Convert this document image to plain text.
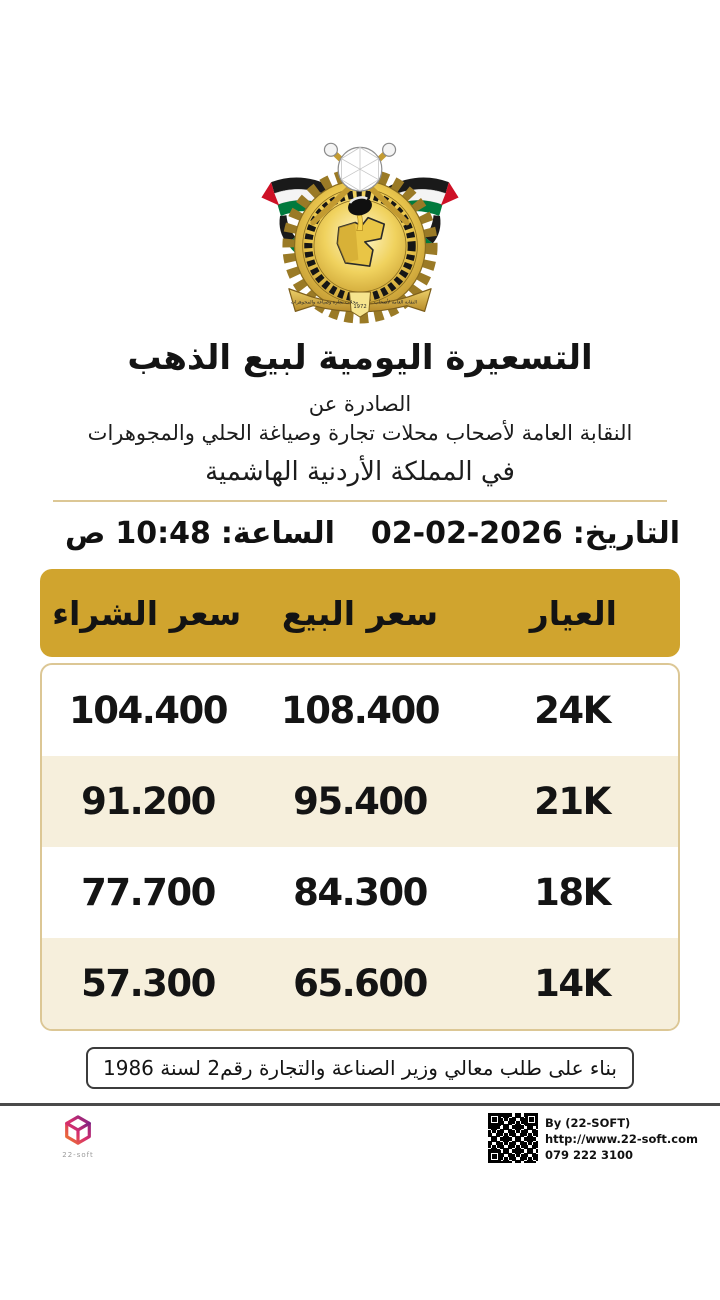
النقابة العامة لأصحاب
محلات تجارة وصياغة والمجوهرات
1972
التسعيرة اليومية لبيع الذهب
الصادرة عن
النقابة العامة لأصحاب محلات تجارة وصياغة الحلي والمجوهرات
في المملكة الأردنية الهاشمية
التاريخ:
02-02-2026
الساعة:
10:48
ص
سعر الشراء	سعر البيع	العيار
104.400	108.400	24K
91.200	95.400	21K
77.700	84.300	18K
57.300	65.600	14K
بناء على طلب معالي وزير الصناعة والتجارة رقم2 لسنة 1986
22-soft
By (22-SOFT)
http://www.22-soft.com
079 222 3100
